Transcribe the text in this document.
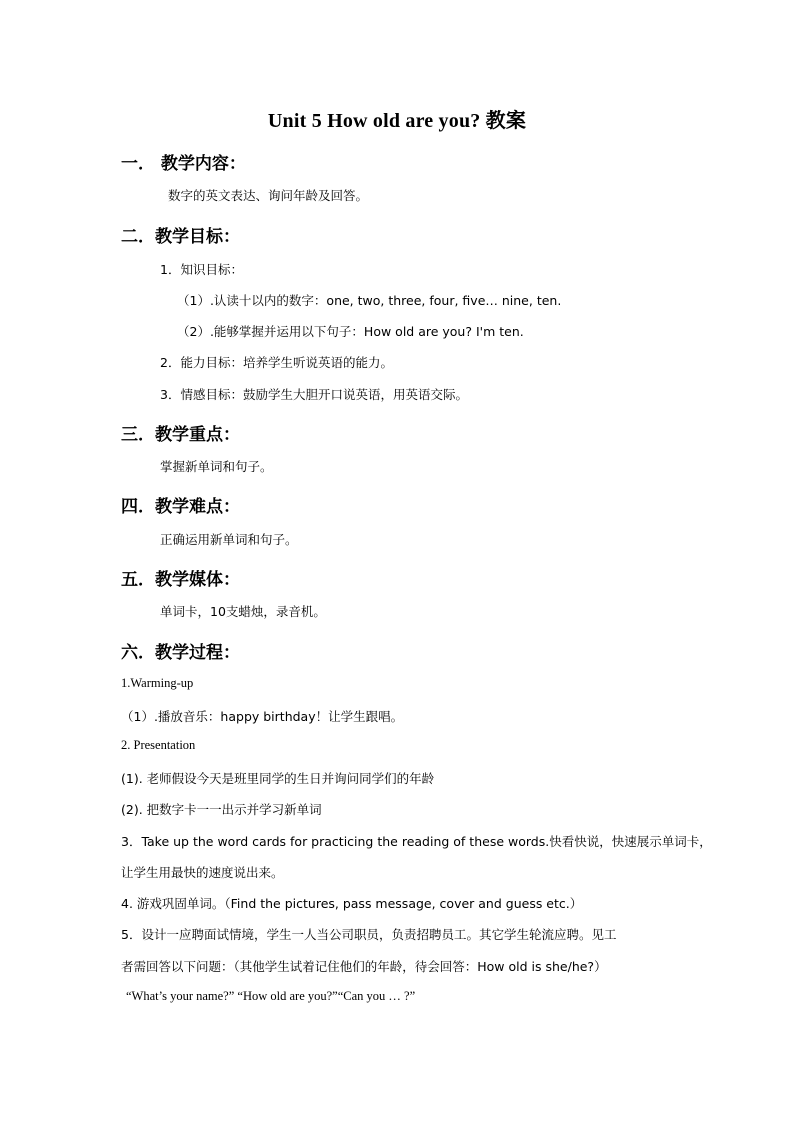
Unit 5 How old are you? 教案
一． 教学内容：
数字的英文表达、询问年龄及回答。
二．教学目标：
1．知识目标：
（1）.认读十以内的数字：one, two, three, four, five… nine, ten.
（2）.能够掌握并运用以下句子：How old are you? I'm ten.
2．能力目标：培养学生听说英语的能力。
3．情感目标：鼓励学生大胆开口说英语，用英语交际。
三．教学重点：
掌握新单词和句子。
四．教学难点：
正确运用新单词和句子。
五．教学媒体：
单词卡，10支蜡烛，录音机。
六．教学过程：
1.Warming-up
（1）.播放音乐：happy birthday！让学生跟唱。
2. Presentation
(1). 老师假设今天是班里同学的生日并询问同学们的年龄
(2). 把数字卡一一出示并学习新单词
3．Take up the word cards for practicing the reading of these words.快看快说，快速展示单词卡，
让学生用最快的速度说出来。
4. 游戏巩固单词。（Find the pictures, pass message, cover and guess etc.）
5．设计一应聘面试情境，学生一人当公司职员，负责招聘员工。其它学生轮流应聘。见工
者需回答以下问题：（其他学生试着记住他们的年龄，待会回答：How old is she/he?）
“What’s your name?” “How old are you?”“Can you … ?”
